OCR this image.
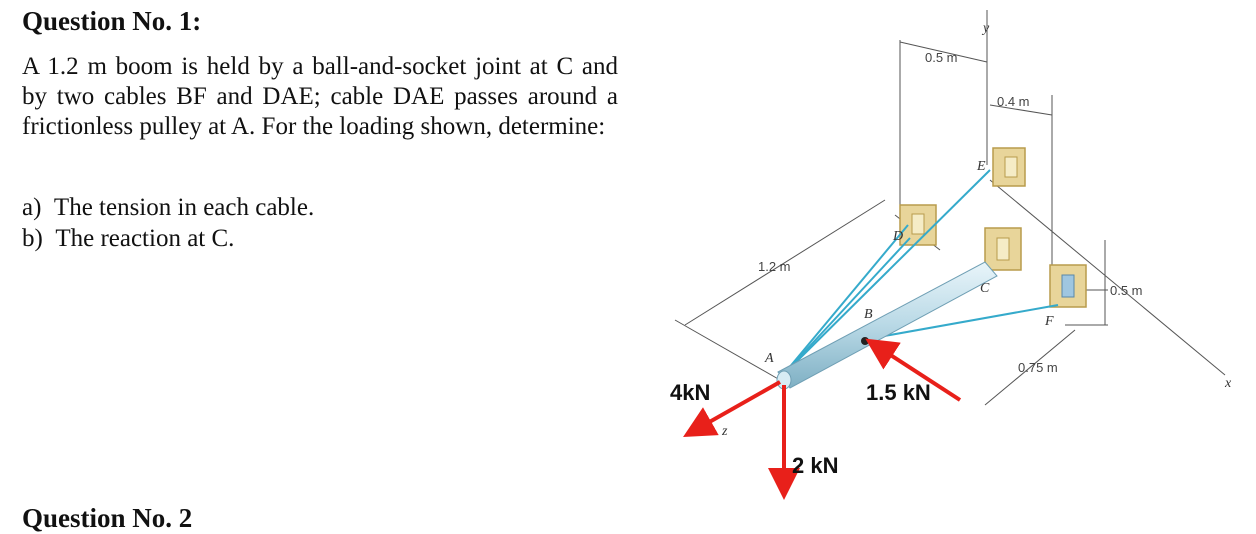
Question No. 1:

A 1.2 m boom is held by a ball-and-socket joint at C and by two cables BF and DAE; cable DAE passes around a frictionless pulley at A. For the loading shown, determine:

a) The tension in each cable.
b) The reaction at C.
Question No. 2
A
B
C
D
E
F
y
x
z
0.5 m
0.4 m
1.2 m
0.5 m
0.75 m
4kN
2 kN
1.5 kN
